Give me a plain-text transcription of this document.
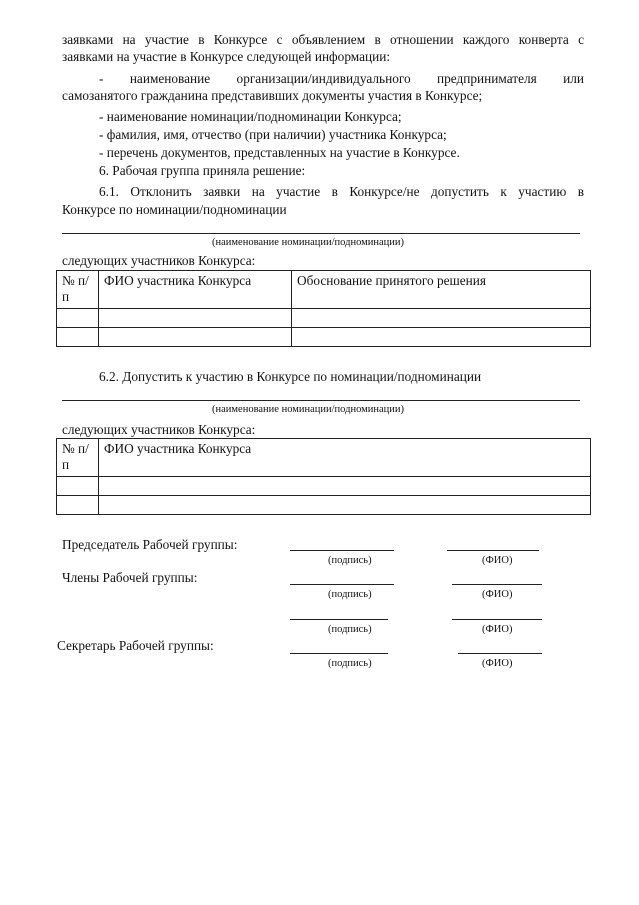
заявками на участие в Конкурсе с объявлением в отношении каждого конверта с

заявками на участие в Конкурсе следующей информации:

- наименование организации/индивидуального предпринимателя или

самозанятого гражданина представивших документы участия в Конкурсе;

- наименование номинации/подноминации Конкурса;

- фамилия, имя, отчество (при наличии) участника Конкурса;

- перечень документов, представленных на участие в Конкурсе.

6. Рабочая группа приняла решение:

6.1. Отклонить заявки на участие в Конкурсе/не допустить к участию в

Конкурсе по номинации/подноминации

(наименование номинации/подноминации)

следующих участников Конкурса:

№ п/п	ФИО участника Конкурса	Обоснование принятого решения

6.2. Допустить к участию в Конкурсе по номинации/подноминации

(наименование номинации/подноминации)

следующих участников Конкурса:

№ п/п	ФИО участника Конкурса

Председатель Рабочей группы:
(подпись)	(ФИО)
Члены Рабочей группы:
(подпись)	(ФИО)
(подпись)	(ФИО)
Секретарь Рабочей группы:
(подпись)	(ФИО)
